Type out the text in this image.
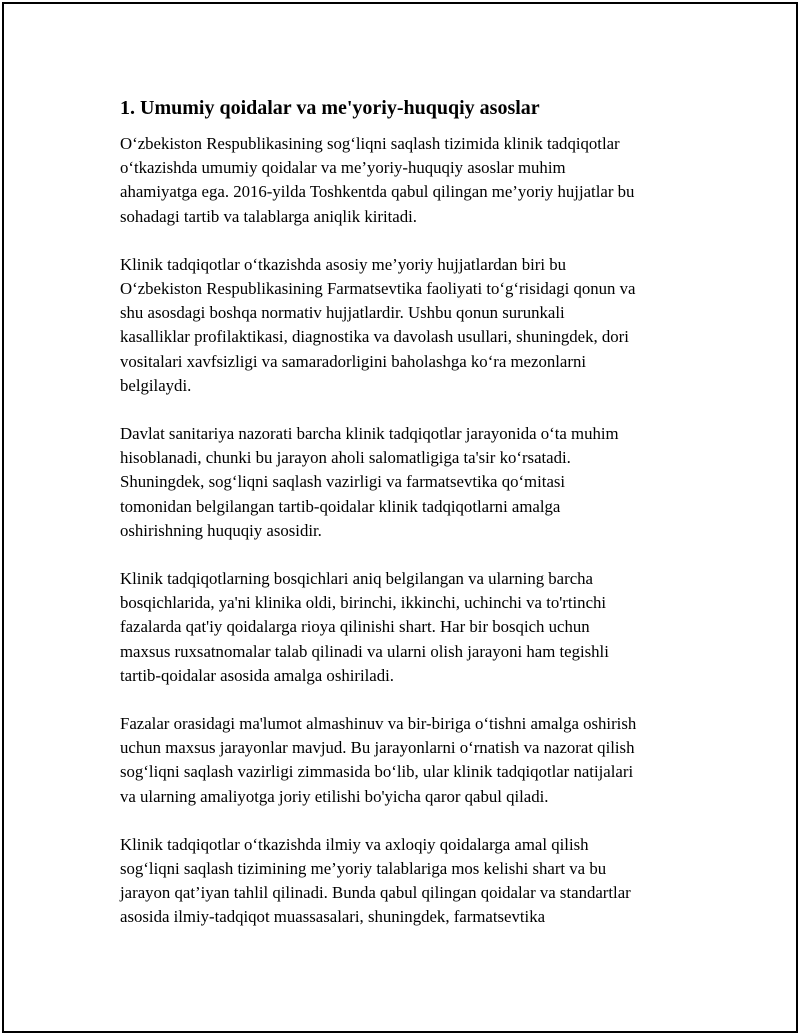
1. Umumiy qoidalar va me'yoriy-huquqiy asoslar

O‘zbekiston Respublikasining sog‘liqni saqlash tizimida klinik tadqiqotlar
o‘tkazishda umumiy qoidalar va me’yoriy-huquqiy asoslar muhim
ahamiyatga ega. 2016-yilda Toshkentda qabul qilingan me’yoriy hujjatlar bu
sohadagi tartib va talablarga aniqlik kiritadi.

Klinik tadqiqotlar o‘tkazishda asosiy me’yoriy hujjatlardan biri bu
O‘zbekiston Respublikasining Farmatsevtika faoliyati to‘g‘risidagi qonun va
shu asosdagi boshqa normativ hujjatlardir. Ushbu qonun surunkali
kasalliklar profilaktikasi, diagnostika va davolash usullari, shuningdek, dori
vositalari xavfsizligi va samaradorligini baholashga ko‘ra mezonlarni
belgilaydi.

Davlat sanitariya nazorati barcha klinik tadqiqotlar jarayonida o‘ta muhim
hisoblanadi, chunki bu jarayon aholi salomatligiga ta'sir ko‘rsatadi.
Shuningdek, sog‘liqni saqlash vazirligi va farmatsevtika qo‘mitasi
tomonidan belgilangan tartib-qoidalar klinik tadqiqotlarni amalga
oshirishning huquqiy asosidir.

Klinik tadqiqotlarning bosqichlari aniq belgilangan va ularning barcha
bosqichlarida, ya'ni klinika oldi, birinchi, ikkinchi, uchinchi va to'rtinchi
fazalarda qat'iy qoidalarga rioya qilinishi shart. Har bir bosqich uchun
maxsus ruxsatnomalar talab qilinadi va ularni olish jarayoni ham tegishli
tartib-qoidalar asosida amalga oshiriladi.

Fazalar orasidagi ma'lumot almashinuv va bir-biriga o‘tishni amalga oshirish
uchun maxsus jarayonlar mavjud. Bu jarayonlarni o‘rnatish va nazorat qilish
sog‘liqni saqlash vazirligi zimmasida bo‘lib, ular klinik tadqiqotlar natijalari
va ularning amaliyotga joriy etilishi bo'yicha qaror qabul qiladi.

Klinik tadqiqotlar o‘tkazishda ilmiy va axloqiy qoidalarga amal qilish
sog‘liqni saqlash tizimining me’yoriy talablariga mos kelishi shart va bu
jarayon qat’iyan tahlil qilinadi. Bunda qabul qilingan qoidalar va standartlar
asosida ilmiy-tadqiqot muassasalari, shuningdek, farmatsevtika
